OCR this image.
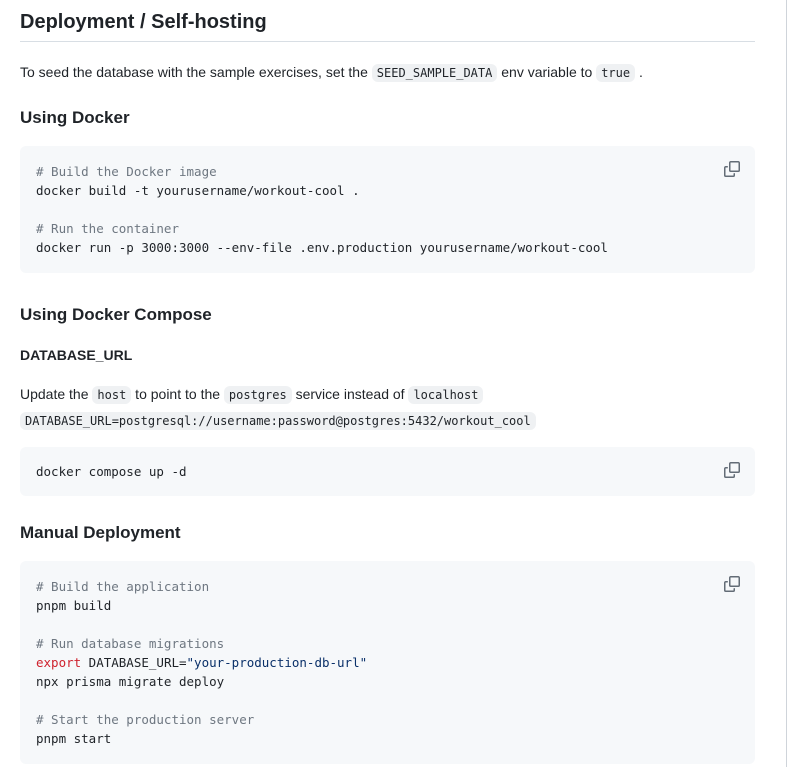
Deployment / Self-hosting

To seed the database with the sample exercises, set the SEED_SAMPLE_DATA env variable to true .

Using Docker
# Build the Docker image
docker build -t yourusername/workout-cool .
# Run the container
docker run -p 3000:3000 --env-file .env.production yourusername/workout-cool
Using Docker Compose
DATABASE_URL

Update the host to point to the postgres service instead of localhost

DATABASE_URL=postgresql://username:password@postgres:5432/workout_cool

docker compose up -d
Manual Deployment
# Build the application
pnpm build
# Run database migrations
export DATABASE_URL="your-production-db-url"
npx prisma migrate deploy
# Start the production server
pnpm start
